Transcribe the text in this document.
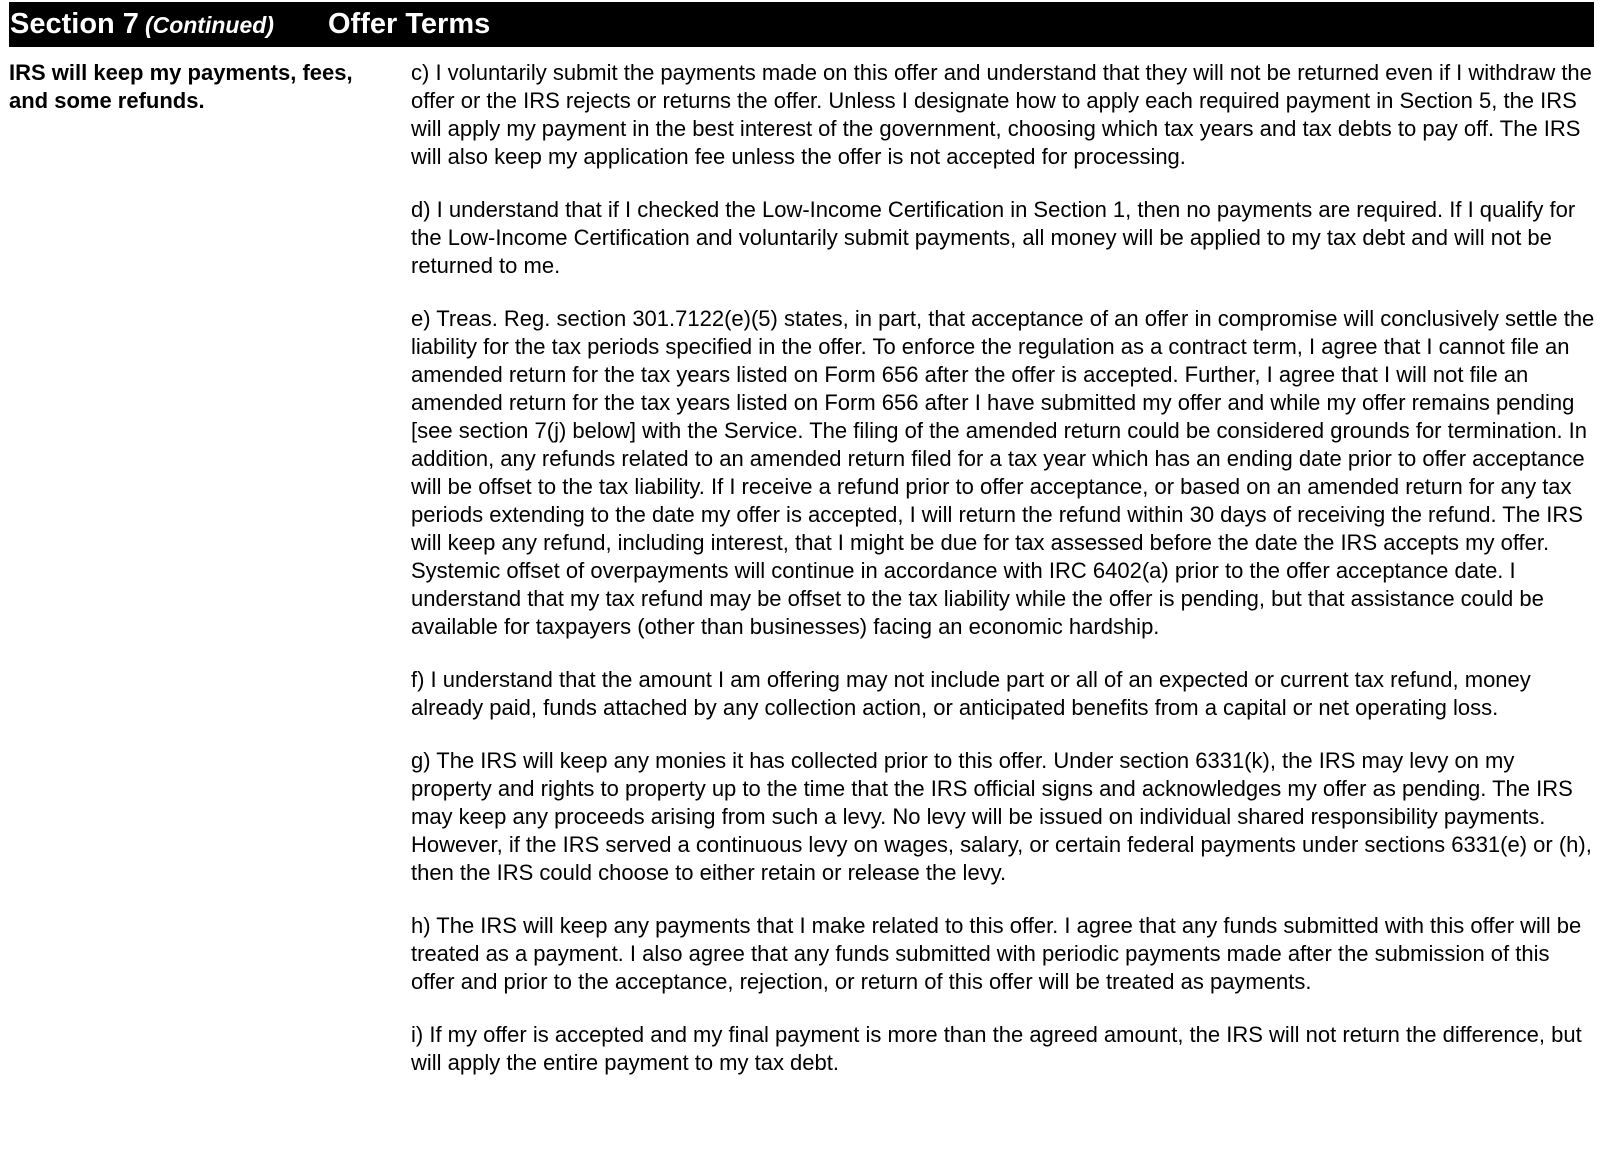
Section 7 (Continued) Offer Terms
IRS will keep my payments, fees, and some refunds.

c) I voluntarily submit the payments made on this offer and understand that they will not be returned even if I withdraw the offer or the IRS rejects or returns the offer. Unless I designate how to apply each required payment in Section 5, the IRS will apply my payment in the best interest of the government, choosing which tax years and tax debts to pay off. The IRS will also keep my application fee unless the offer is not accepted for processing.

d) I understand that if I checked the Low-Income Certification in Section 1, then no payments are required. If I qualify for the Low-Income Certification and voluntarily submit payments, all money will be applied to my tax debt and will not be returned to me.

e) Treas. Reg. section 301.7122(e)(5) states, in part, that acceptance of an offer in compromise will conclusively settle the liability for the tax periods specified in the offer. To enforce the regulation as a contract term, I agree that I cannot file an amended return for the tax years listed on Form 656 after the offer is accepted. Further, I agree that I will not file an amended return for the tax years listed on Form 656 after I have submitted my offer and while my offer remains pending [see section 7(j) below] with the Service. The filing of the amended return could be considered grounds for termination. In addition, any refunds related to an amended return filed for a tax year which has an ending date prior to offer acceptance will be offset to the tax liability. If I receive a refund prior to offer acceptance, or based on an amended return for any tax periods extending to the date my offer is accepted, I will return the refund within 30 days of receiving the refund. The IRS will keep any refund, including interest, that I might be due for tax assessed before the date the IRS accepts my offer. Systemic offset of overpayments will continue in accordance with IRC 6402(a) prior to the offer acceptance date. I understand that my tax refund may be offset to the tax liability while the offer is pending, but that assistance could be available for taxpayers (other than businesses) facing an economic hardship.

f) I understand that the amount I am offering may not include part or all of an expected or current tax refund, money already paid, funds attached by any collection action, or anticipated benefits from a capital or net operating loss.

g) The IRS will keep any monies it has collected prior to this offer. Under section 6331(k), the IRS may levy on my property and rights to property up to the time that the IRS official signs and acknowledges my offer as pending. The IRS may keep any proceeds arising from such a levy. No levy will be issued on individual shared responsibility payments. However, if the IRS served a continuous levy on wages, salary, or certain federal payments under sections 6331(e) or (h), then the IRS could choose to either retain or release the levy.

h) The IRS will keep any payments that I make related to this offer. I agree that any funds submitted with this offer will be treated as a payment. I also agree that any funds submitted with periodic payments made after the submission of this offer and prior to the acceptance, rejection, or return of this offer will be treated as payments.

i) If my offer is accepted and my final payment is more than the agreed amount, the IRS will not return the difference, but will apply the entire payment to my tax debt.
